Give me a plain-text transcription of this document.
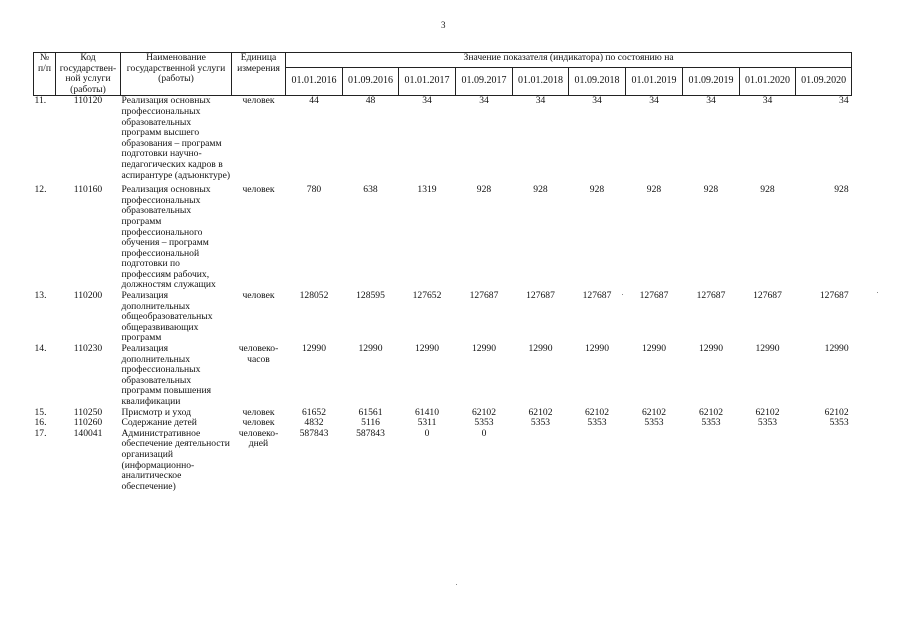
3
№ п/п	Код государствен-ной услуги (работы)	Наименование государственной услуги (работы)	Единица измерения	Значение показателя (индикатора) по состоянию на									
				01.01.2016	01.09.2016	01.01.2017	01.09.2017	01.01.2018	01.09.2018	01.01.2019	01.09.2019	01.01.2020	01.09.2020
11.	110120	Реализация основных профессиональных образовательных программ высшего образования – программ подготовки научно-педагогических кадров в аспирантуре (адъюнктуре)	человек	44	48	34	34	34	34	34	34	34	34
12.	110160	Реализация основных профессиональных образовательных программ профессионального обучения – программ профессиональной подготовки по профессиям рабочих, должностям служащих	человек	780	638	1319	928	928	928	928	928	928	928
13.	110200	Реализация дополнительных общеобразовательных общеразвивающих программ	человек	128052	128595	127652	127687	127687	127687	127687	127687	127687	127687
14.	110230	Реализация дополнительных профессиональных образовательных программ повышения квалификации	человеко-часов	12990	12990	12990	12990	12990	12990	12990	12990	12990	12990
15.	110250	Присмотр и уход	человек	61652	61561	61410	62102	62102	62102	62102	62102	62102	62102
16.	110260	Содержание детей	человек	4832	5116	5311	5353	5353	5353	5353	5353	5353	5353
17.	140041	Административное обеспечение деятельности организаций (информационно-аналитическое обеспечение)	человеко-дней	587843	587843	0	0						
